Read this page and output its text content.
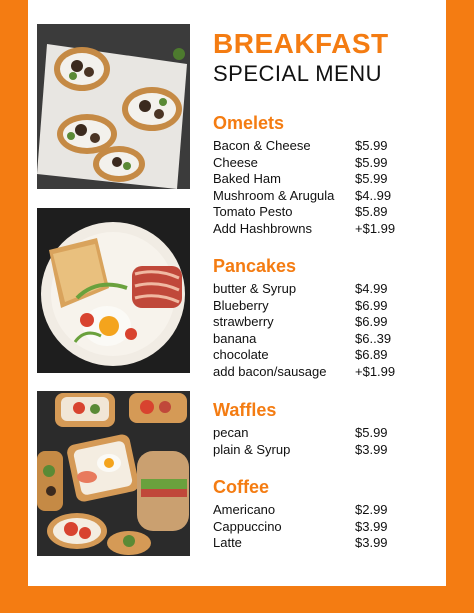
BREAKFAST
SPECIAL MENU
Omelets
Bacon & Cheese	$5.99
Cheese	$5.99
Baked Ham	$5.99
Mushroom & Arugula $4..99
Tomato Pesto	$5.89
Add Hashbrowns	+$1.99
Pancakes
butter & Syrup	$4.99
Blueberry	$6.99
strawberry	$6.99
banana	$6..39
chocolate	$6.89
add bacon/sausage +$1.99
Waffles
pecan	$5.99
plain & Syrup	$3.99
Coffee
Americano	$2.99
Cappuccino	$3.99
Latte	$3.99
